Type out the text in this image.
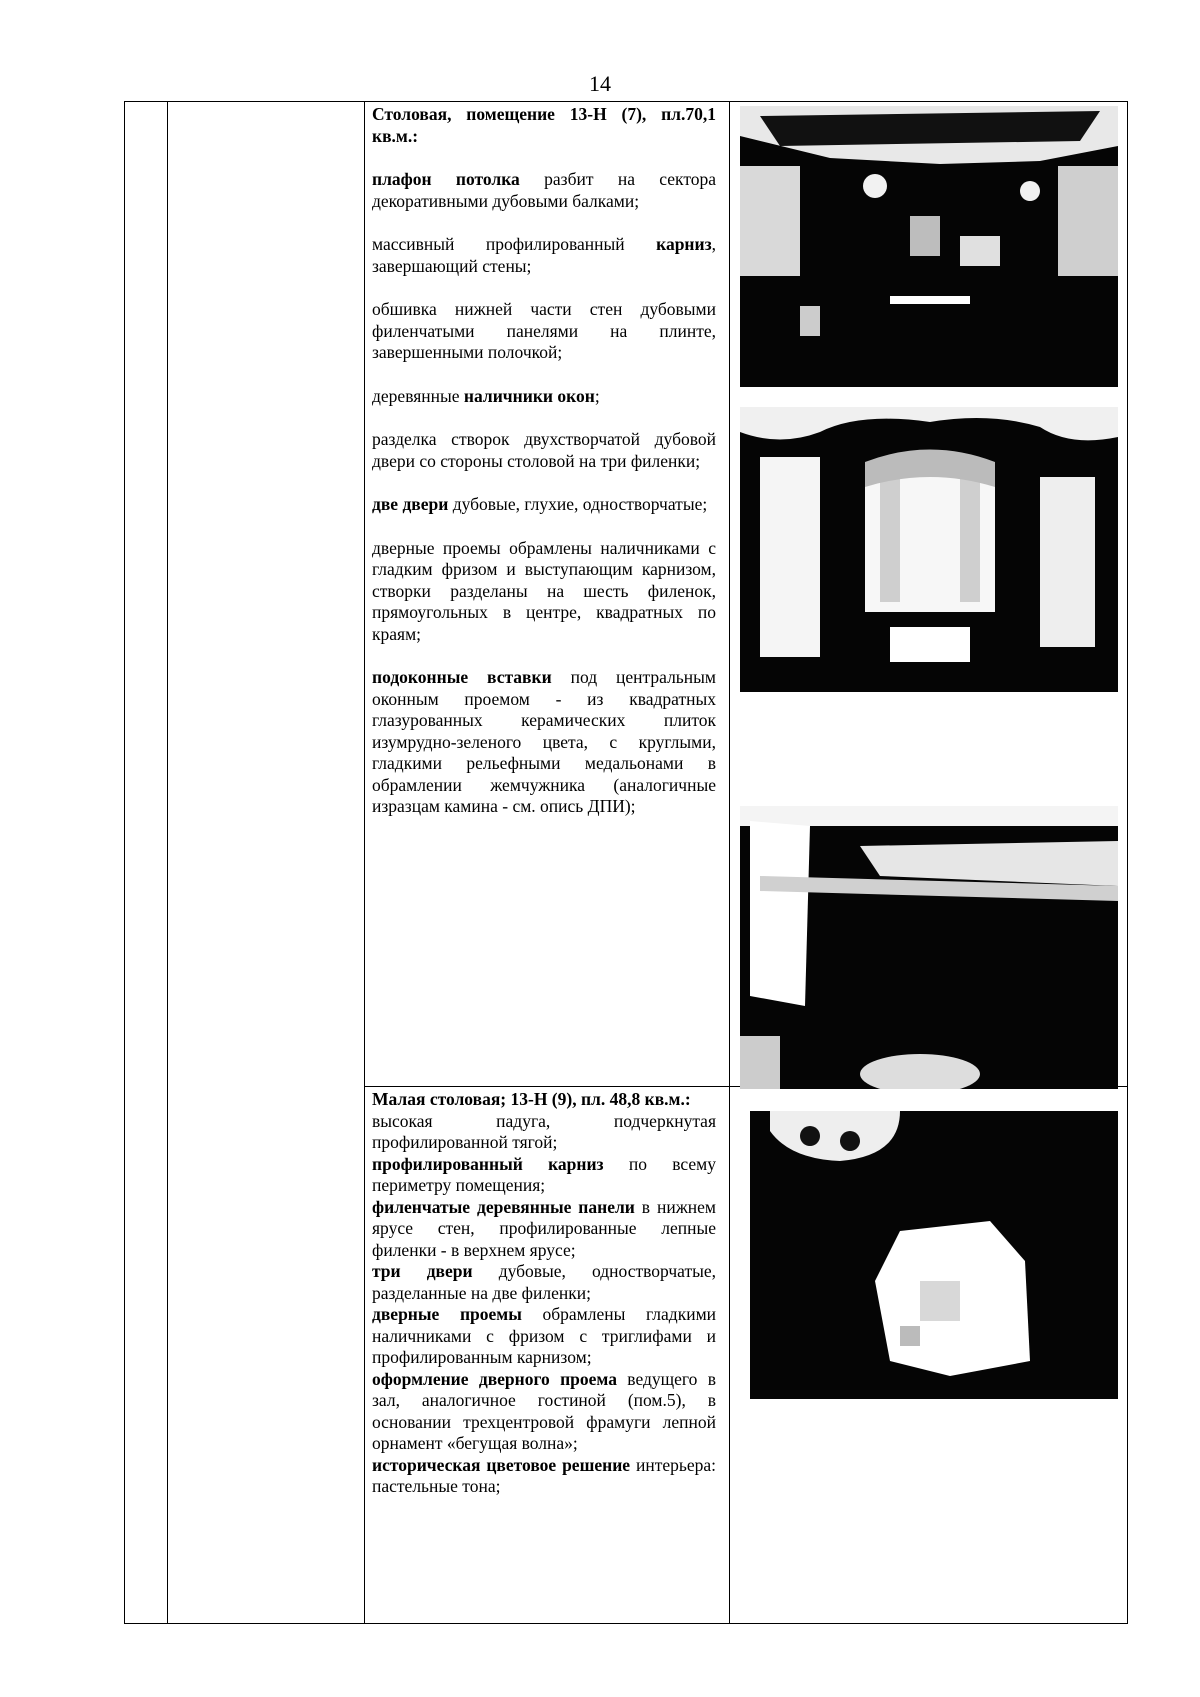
14

Столовая, помещение 13-Н (7), пл.70,1 кв.м.:

плафон потолка разбит на сектора декоративными дубовыми балками;

массивный профилированный карниз, завершающий стены;

обшивка нижней части стен дубовыми филенчатыми панелями на плинте, завершенными полочкой;

деревянные наличники окон;

разделка створок двухстворчатой дубовой двери со стороны столовой на три филенки;

две двери дубовые, глухие, одностворчатые;

дверные проемы обрамлены наличниками с гладким фризом и выступающим карнизом, створки разделаны на шесть филенок, прямоугольных в центре, квадратных по краям;

подоконные вставки под центральным оконным проемом - из квадратных глазурованных керамических плиток изумрудно-зеленого цвета, с круглыми, гладкими рельефными медальонами в обрамлении жемчужника (аналогичные изразцам камина - см. опись ДПИ);

Малая столовая; 13-Н (9), пл. 48,8 кв.м.:

высокая падуга, подчеркнутая профилированной тягой;

профилированный карниз по всему периметру помещения;

филенчатые деревянные панели в нижнем ярусе стен, профилированные лепные филенки - в верхнем ярусе;

три двери дубовые, одностворчатые, разделанные на две филенки;

дверные проемы обрамлены гладкими наличниками с фризом с триглифами и профилированным карнизом;

оформление дверного проема ведущего в зал, аналогичное гостиной (пом.5), в основании трехцентровой фрамуги лепной орнамент «бегущая волна»;

историческая цветовое решение интерьера: пастельные тона;
